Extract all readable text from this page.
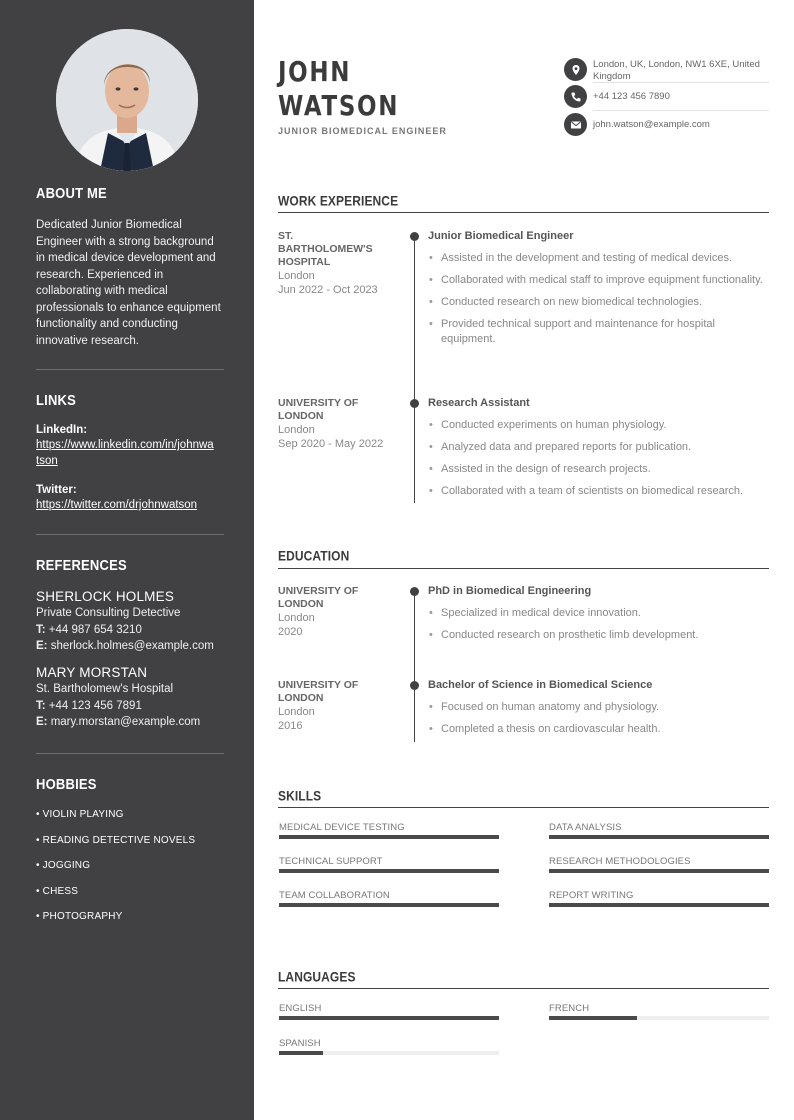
ABOUT ME
Dedicated Junior Biomedical Engineer with a strong background in medical device development and research. Experienced in collaborating with medical professionals to enhance equipment functionality and conducting innovative research.
LINKS
LinkedIn:
https://www.linkedin.com/in/johnwatson
Twitter:
https://twitter.com/drjohnwatson
REFERENCES
SHERLOCK HOLMES
Private Consulting Detective
T: +44 987 654 3210
E: sherlock.holmes@example.com
MARY MORSTAN
St. Bartholomew's Hospital
T: +44 123 456 7891
E: mary.morstan@example.com
HOBBIES
• VIOLIN PLAYING
• READING DETECTIVE NOVELS
• JOGGING
• CHESS
• PHOTOGRAPHY
JOHN
WATSON
JUNIOR BIOMEDICAL ENGINEER
London, UK, London, NW1 6XE, United Kingdom
+44 123 456 7890
john.watson@example.com
WORK EXPERIENCE
ST. BARTHOLOMEW'S HOSPITAL
London
Jun 2022 - Oct 2023
Junior Biomedical Engineer
• Assisted in the development and testing of medical devices.
• Collaborated with medical staff to improve equipment functionality.
• Conducted research on new biomedical technologies.
• Provided technical support and maintenance for hospital equipment.
UNIVERSITY OF LONDON
London
Sep 2020 - May 2022
Research Assistant
• Conducted experiments on human physiology.
• Analyzed data and prepared reports for publication.
• Assisted in the design of research projects.
• Collaborated with a team of scientists on biomedical research.
EDUCATION
UNIVERSITY OF LONDON
London
2020
PhD in Biomedical Engineering
• Specialized in medical device innovation.
• Conducted research on prosthetic limb development.
UNIVERSITY OF LONDON
London
2016
Bachelor of Science in Biomedical Science
• Focused on human anatomy and physiology.
• Completed a thesis on cardiovascular health.
SKILLS
MEDICAL DEVICE TESTING	DATA ANALYSIS
TECHNICAL SUPPORT	RESEARCH METHODOLOGIES
TEAM COLLABORATION	REPORT WRITING
LANGUAGES
ENGLISH	FRENCH
SPANISH
